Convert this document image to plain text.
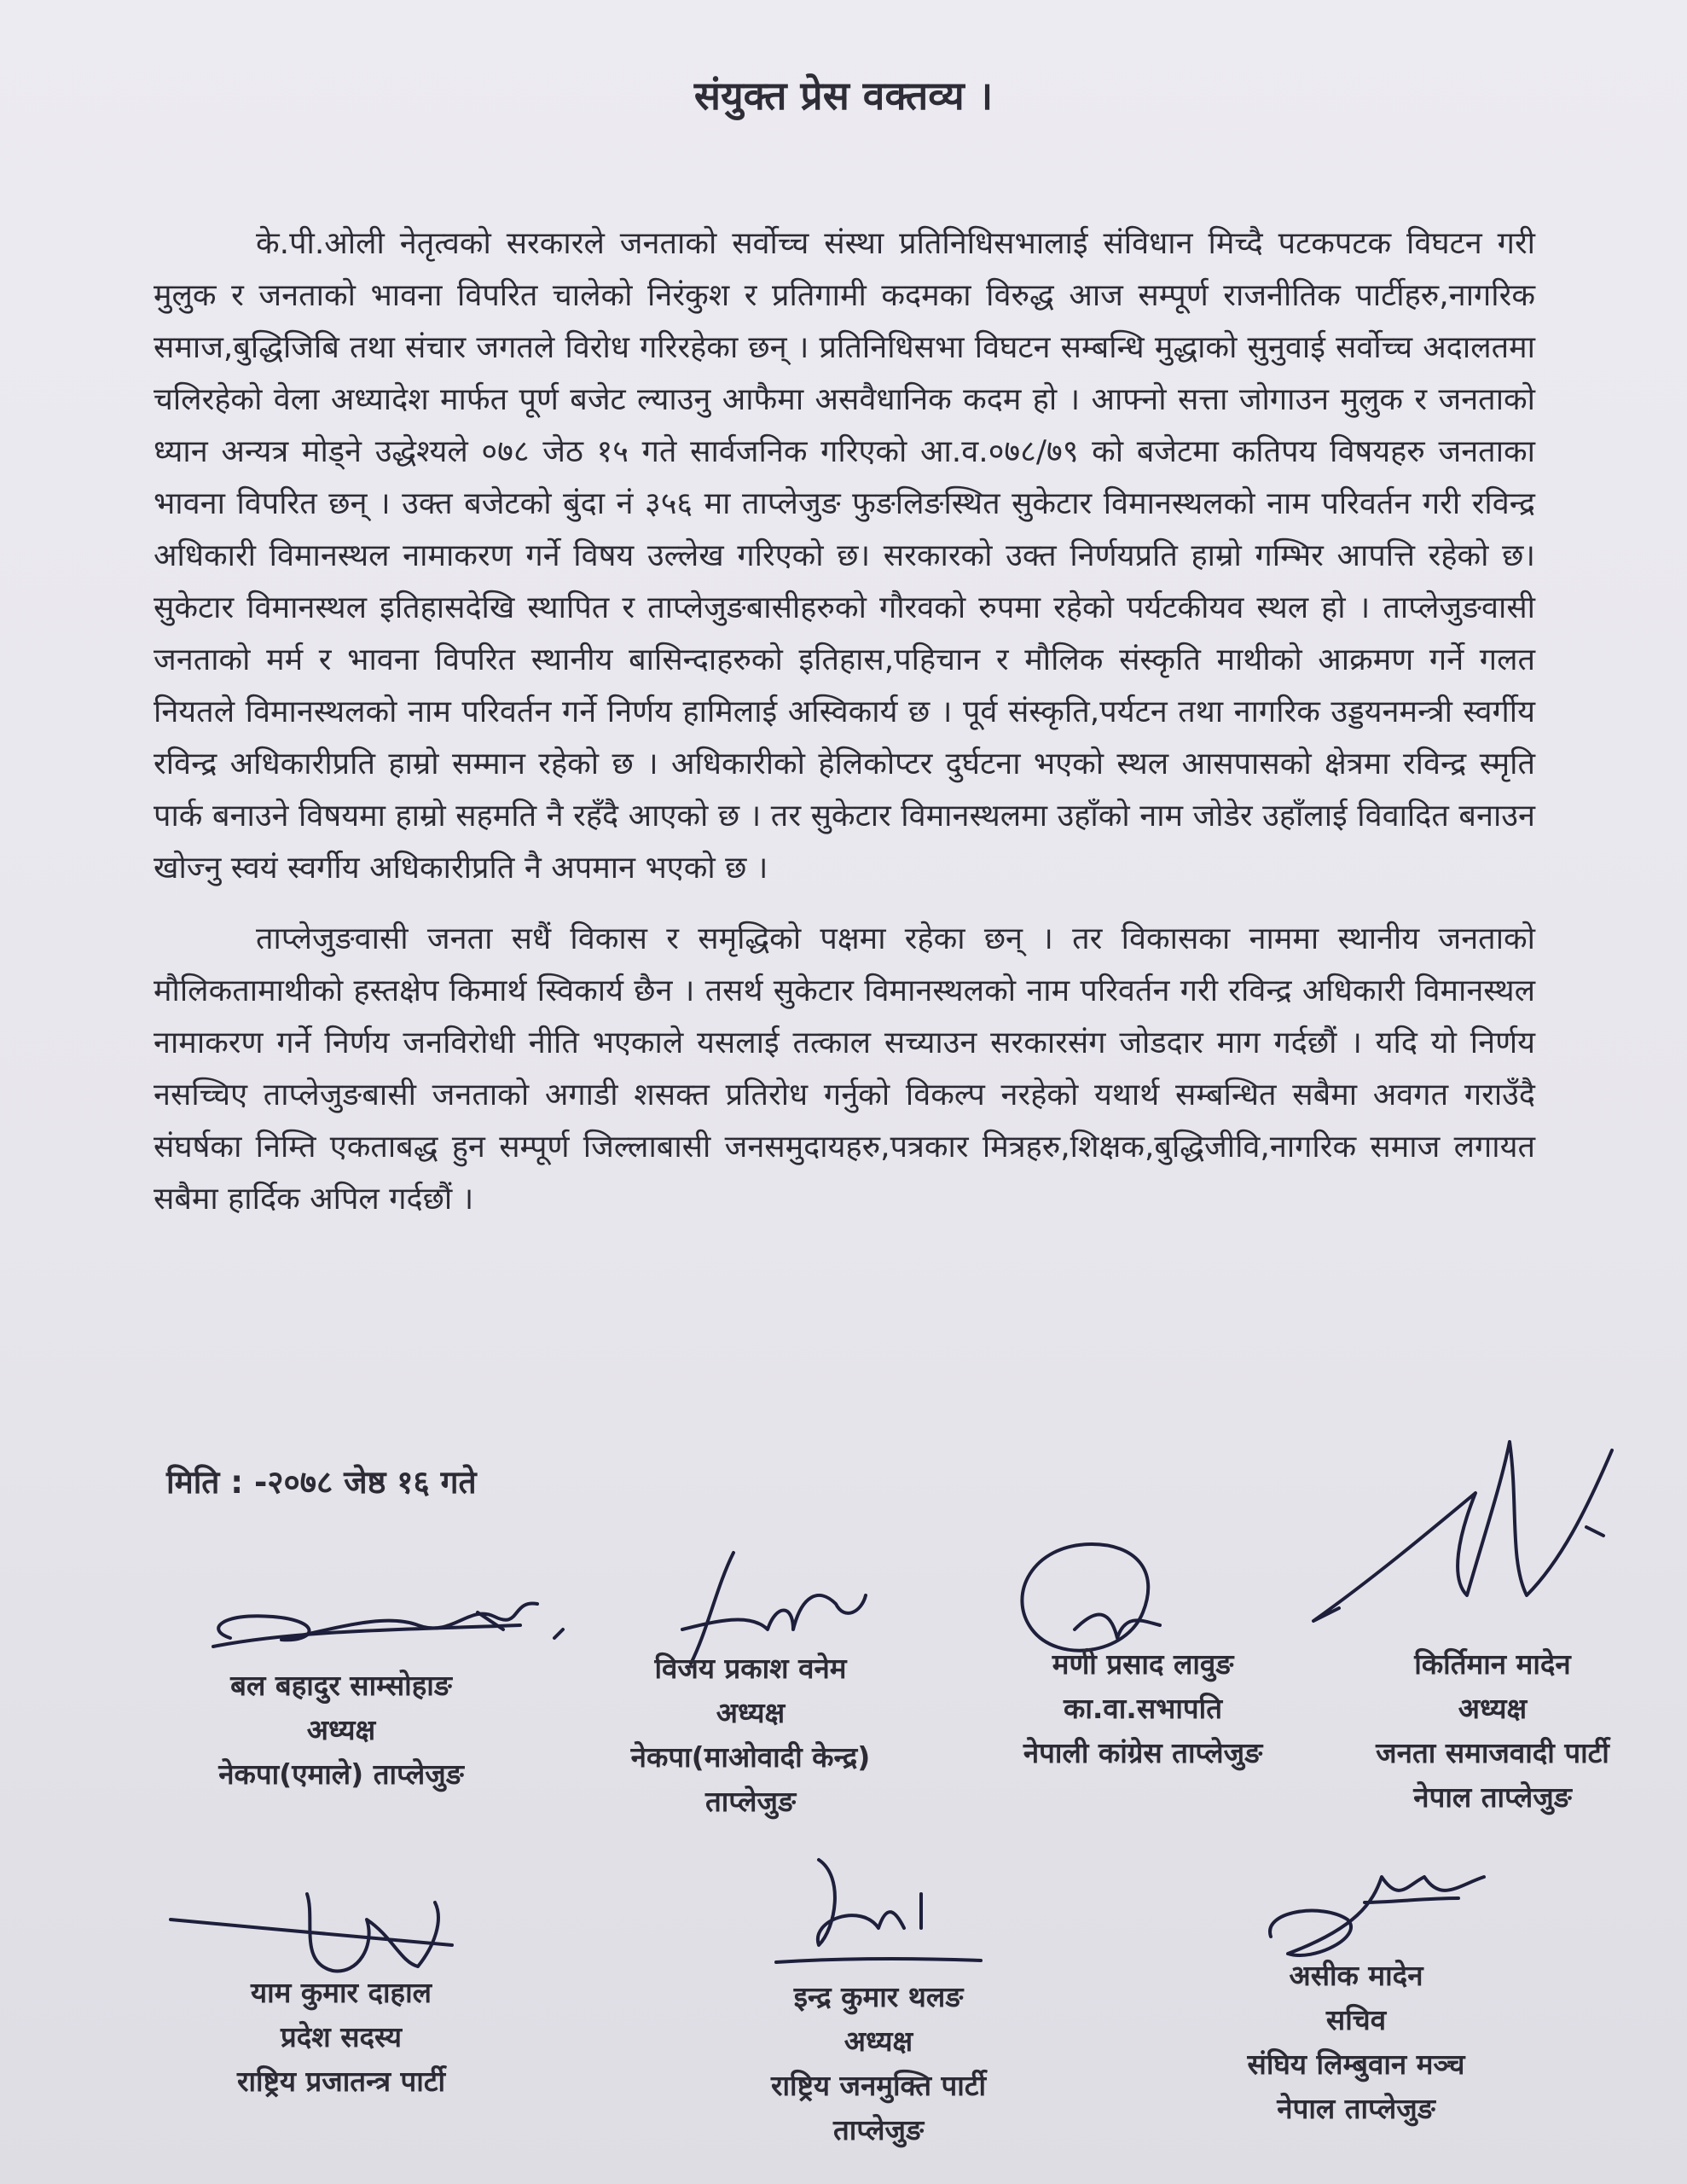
संयुक्त प्रेस वक्तव्य ।

के.पी.ओली नेतृत्वको सरकारले जनताको सर्वोच्च संस्था प्रतिनिधिसभालाई संविधान मिच्दै पटकपटक विघटन गरी मुलुक र जनताको भावना विपरित चालेको निरंकुश र प्रतिगामी कदमका विरुद्ध आज सम्पूर्ण राजनीतिक पार्टीहरु,नागरिक समाज,बुद्धिजिबि तथा संचार जगतले विरोध गरिरहेका छन् । प्रतिनिधिसभा विघटन सम्बन्धि मुद्धाको सुनुवाई सर्वोच्च अदालतमा चलिरहेको वेला अध्यादेश मार्फत पूर्ण बजेट ल्याउनु आफैमा असवैधानिक कदम हो । आफ्नो सत्ता जोगाउन मुलुक र जनताको ध्यान अन्यत्र मोड्ने उद्धेश्यले ०७८ जेठ १५ गते सार्वजनिक गरिएको आ.व.०७८/७९ को बजेटमा कतिपय विषयहरु जनताका भावना विपरित छन् । उक्त बजेटको बुंदा नं ३५६ मा ताप्लेजुङ फुङलिङस्थित सुकेटार विमानस्थलको नाम परिवर्तन गरी रविन्द्र अधिकारी विमानस्थल नामाकरण गर्ने विषय उल्लेख गरिएको छ। सरकारको उक्त निर्णयप्रति हाम्रो गम्भिर आपत्ति रहेको छ। सुकेटार विमानस्थल इतिहासदेखि स्थापित र ताप्लेजुङबासीहरुको गौरवको रुपमा रहेको पर्यटकीयव स्थल हो । ताप्लेजुङवासी जनताको मर्म र भावना विपरित स्थानीय बासिन्दाहरुको इतिहास,पहिचान र मौलिक संस्कृति माथीको आक्रमण गर्ने गलत नियतले विमानस्थलको नाम परिवर्तन गर्ने निर्णय हामिलाई अस्विकार्य छ । पूर्व संस्कृति,पर्यटन तथा नागरिक उड्डयनमन्त्री स्वर्गीय रविन्द्र अधिकारीप्रति हाम्रो सम्मान रहेको छ । अधिकारीको हेलिकोप्टर दुर्घटना भएको स्थल आसपासको क्षेत्रमा रविन्द्र स्मृति पार्क बनाउने विषयमा हाम्रो सहमति नै रहँदै आएको छ । तर सुकेटार विमानस्थलमा उहाँको नाम जोडेर उहाँलाई विवादित बनाउन खोज्नु स्वयं स्वर्गीय अधिकारीप्रति नै अपमान भएको छ ।

ताप्लेजुङवासी जनता सधैं विकास र समृद्धिको पक्षमा रहेका छन् । तर विकासका नाममा स्थानीय जनताको मौलिकतामाथीको हस्तक्षेप किमार्थ स्विकार्य छैन । तसर्थ सुकेटार विमानस्थलको नाम परिवर्तन गरी रविन्द्र अधिकारी विमानस्थल नामाकरण गर्ने निर्णय जनविरोधी नीति भएकाले यसलाई तत्काल सच्याउन सरकारसंग जोडदार माग गर्दछौं । यदि यो निर्णय नसच्चिए ताप्लेजुङबासी जनताको अगाडी शसक्त प्रतिरोध गर्नुको विकल्प नरहेको यथार्थ सम्बन्धित सबैमा अवगत गराउँदै संघर्षका निम्ति एकताबद्ध हुन सम्पूर्ण जिल्लाबासी जनसमुदायहरु,पत्रकार मित्रहरु,शिक्षक,बुद्धिजीवि,नागरिक समाज लगायत सबैमा हार्दिक अपिल गर्दछौं ।

मिति : -२०७८ जेष्ठ १६ गते
बल बहादुर साम्सोहाङ
अध्यक्ष
नेकपा(एमाले) ताप्लेजुङ
विजय प्रकाश वनेम
अध्यक्ष
नेकपा(माओवादी केन्द्र)
ताप्लेजुङ
मणी प्रसाद लावुङ
का.वा.सभापति
नेपाली कांग्रेस ताप्लेजुङ
किर्तिमान मादेन
अध्यक्ष
जनता समाजवादी पार्टी
नेपाल ताप्लेजुङ
याम कुमार दाहाल
प्रदेश सदस्य
राष्ट्रिय प्रजातन्त्र पार्टी
इन्द्र कुमार थलङ
अध्यक्ष
राष्ट्रिय जनमुक्ति पार्टी
ताप्लेजुङ
असीक मादेन
सचिव
संघिय लिम्बुवान मञ्च
नेपाल ताप्लेजुङ
